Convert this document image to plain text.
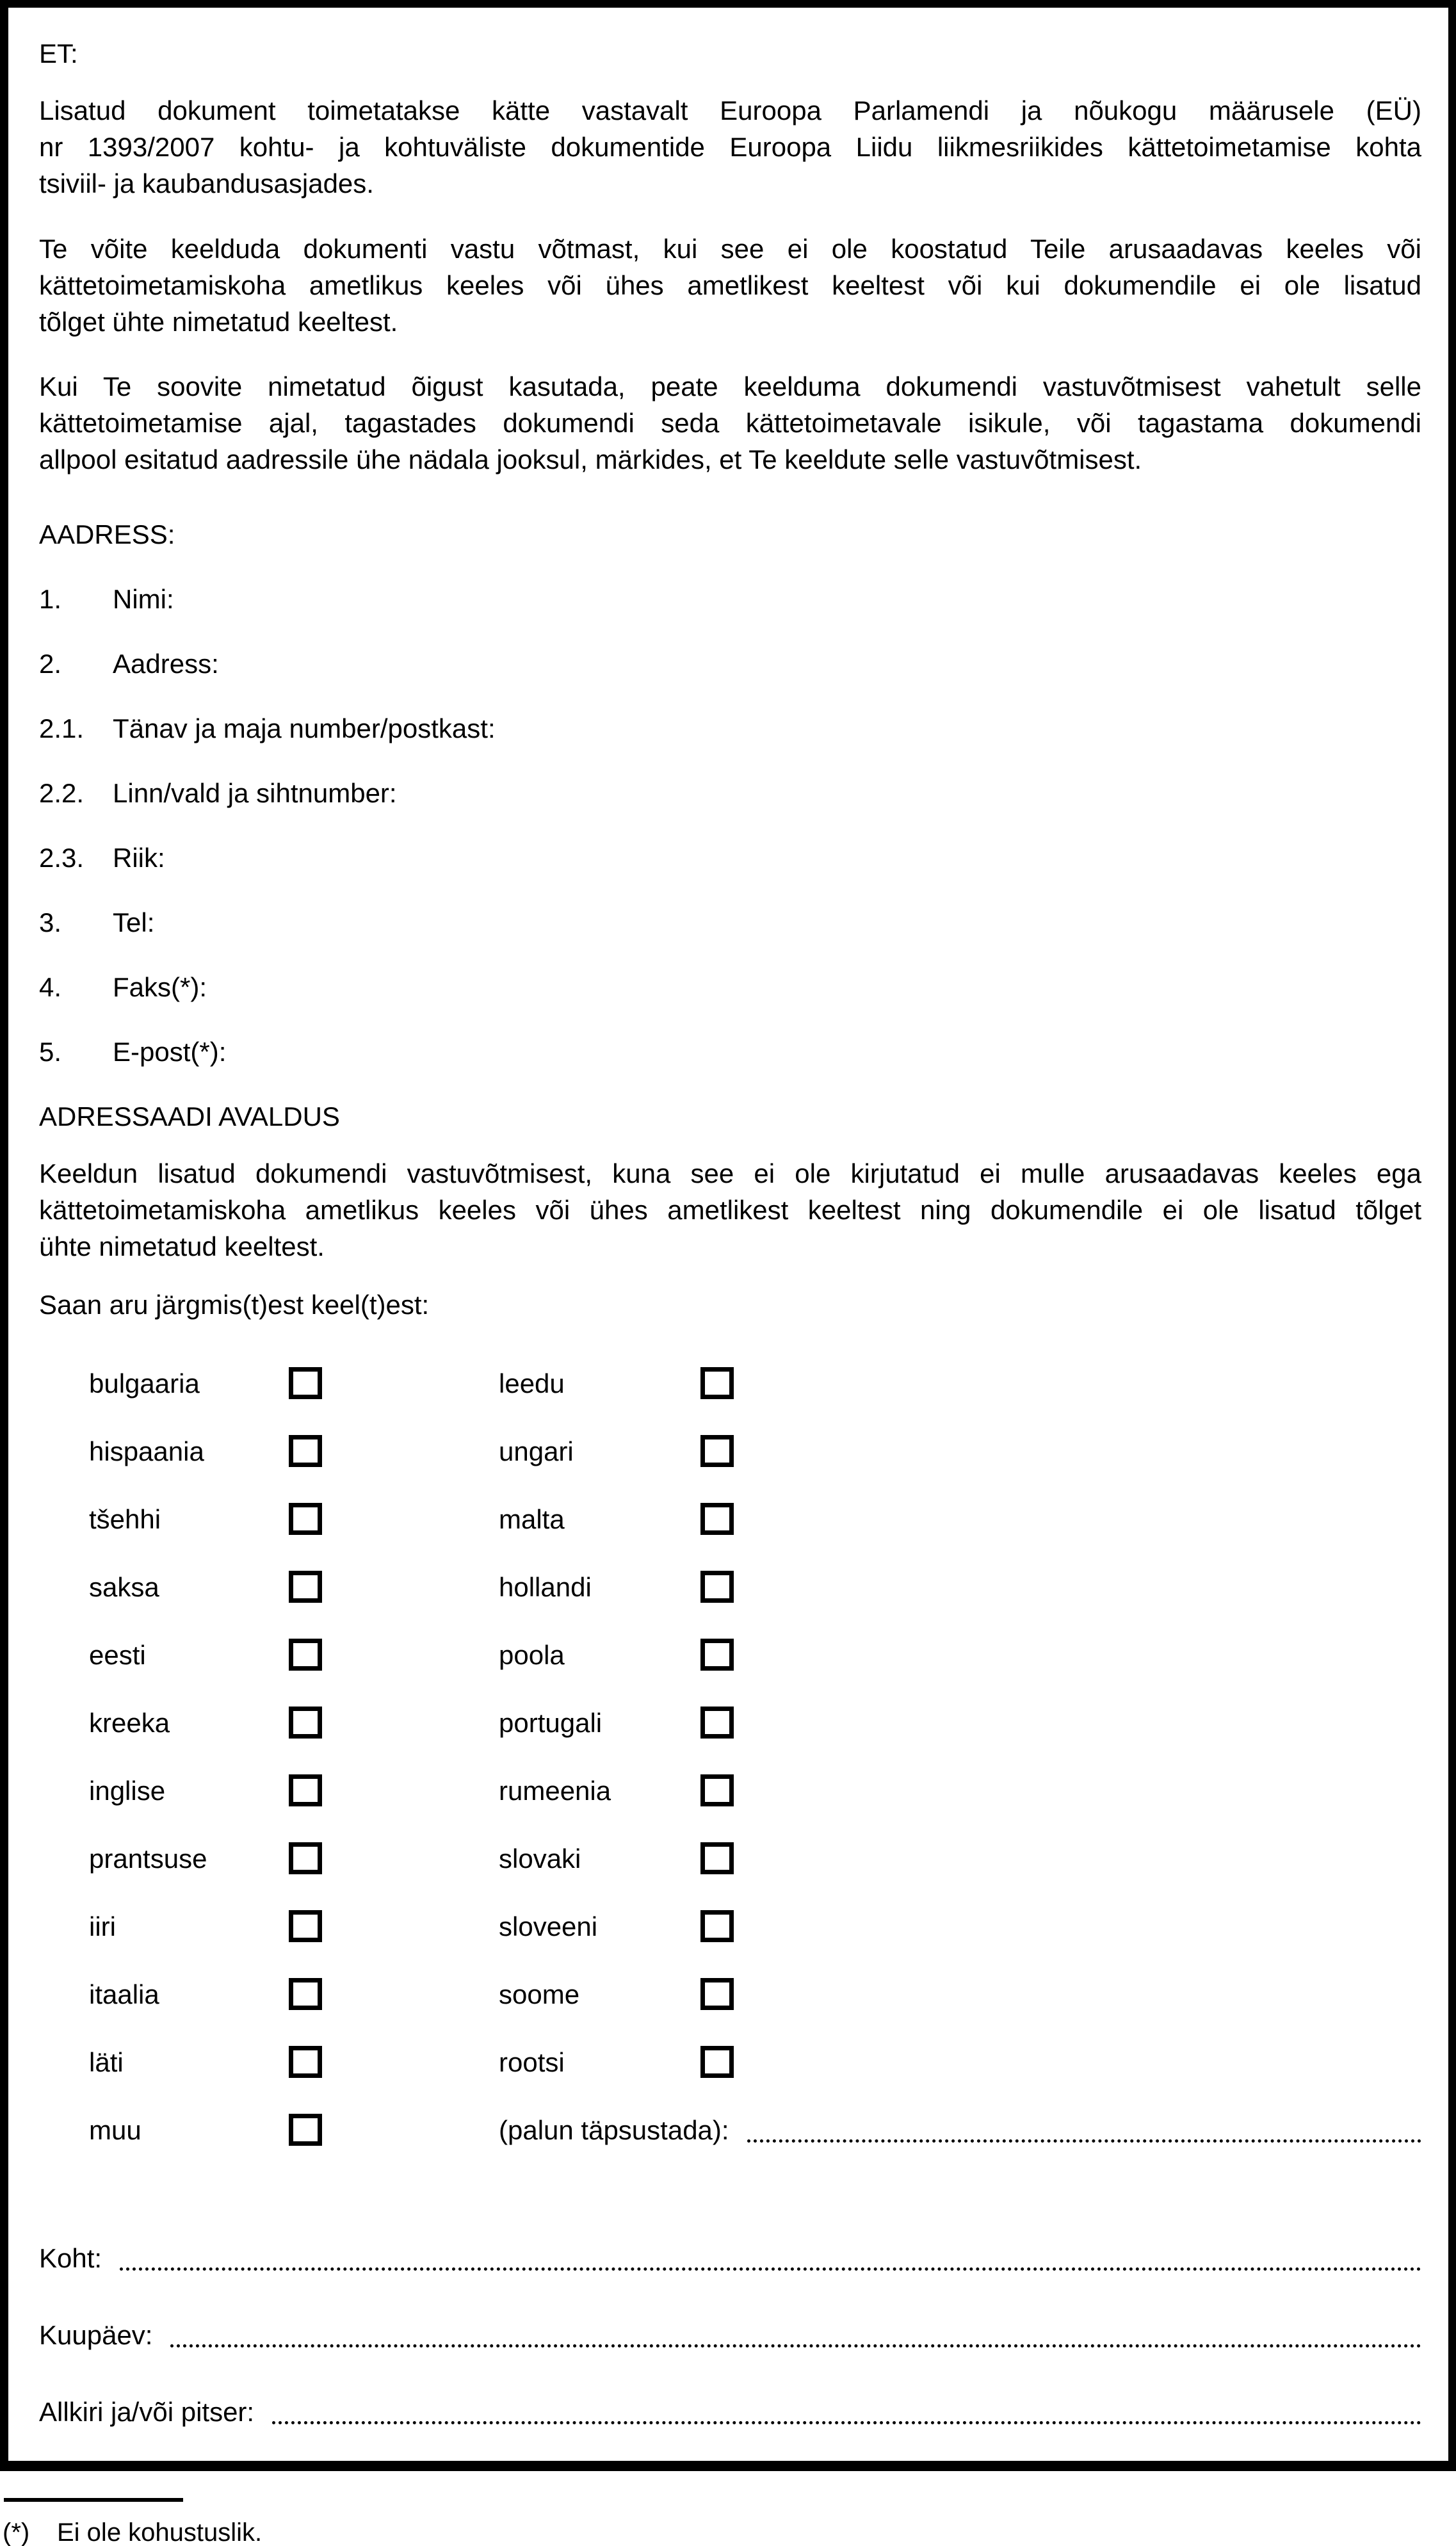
ET:
Lisatud dokument toimetatakse kätte vastavalt Euroopa Parlamendi ja nõukogu määrusele (EÜ)
nr 1393/2007 kohtu- ja kohtuväliste dokumentide Euroopa Liidu liikmesriikides kättetoimetamise kohta
tsiviil- ja kaubandusasjades.
Te võite keelduda dokumenti vastu võtmast, kui see ei ole koostatud Teile arusaadavas keeles või
kättetoimetamiskoha ametlikus keeles või ühes ametlikest keeltest või kui dokumendile ei ole lisatud
tõlget ühte nimetatud keeltest.
Kui Te soovite nimetatud õigust kasutada, peate keelduma dokumendi vastuvõtmisest vahetult selle
kättetoimetamise ajal, tagastades dokumendi seda kättetoimetavale isikule, või tagastama dokumendi
allpool esitatud aadressile ühe nädala jooksul, märkides, et Te keeldute selle vastuvõtmisest.
AADRESS:
1.	Nimi:
2.	Aadress:
2.1.	Tänav ja maja number/postkast:
2.2.	Linn/vald ja sihtnumber:
2.3.	Riik:
3.	Tel:
4.	Faks(*):
5.	E-post(*):
ADRESSAADI AVALDUS
Keeldun lisatud dokumendi vastuvõtmisest, kuna see ei ole kirjutatud ei mulle arusaadavas keeles ega
kättetoimetamiskoha ametlikus keeles või ühes ametlikest keeltest ning dokumendile ei ole lisatud tõlget
ühte nimetatud keeltest.
Saan aru järgmis(t)est keel(t)est:
bulgaaria	leedu
hispaania	ungari
tšehhi	malta
saksa	hollandi
eesti	poola
kreeka	portugali
inglise	rumeenia
prantsuse	slovaki
iiri	sloveeni
itaalia	soome
läti	rootsi
muu	(palun täpsustada):
Koht:
Kuupäev:
Allkiri ja/või pitser:
(*)	Ei ole kohustuslik.
